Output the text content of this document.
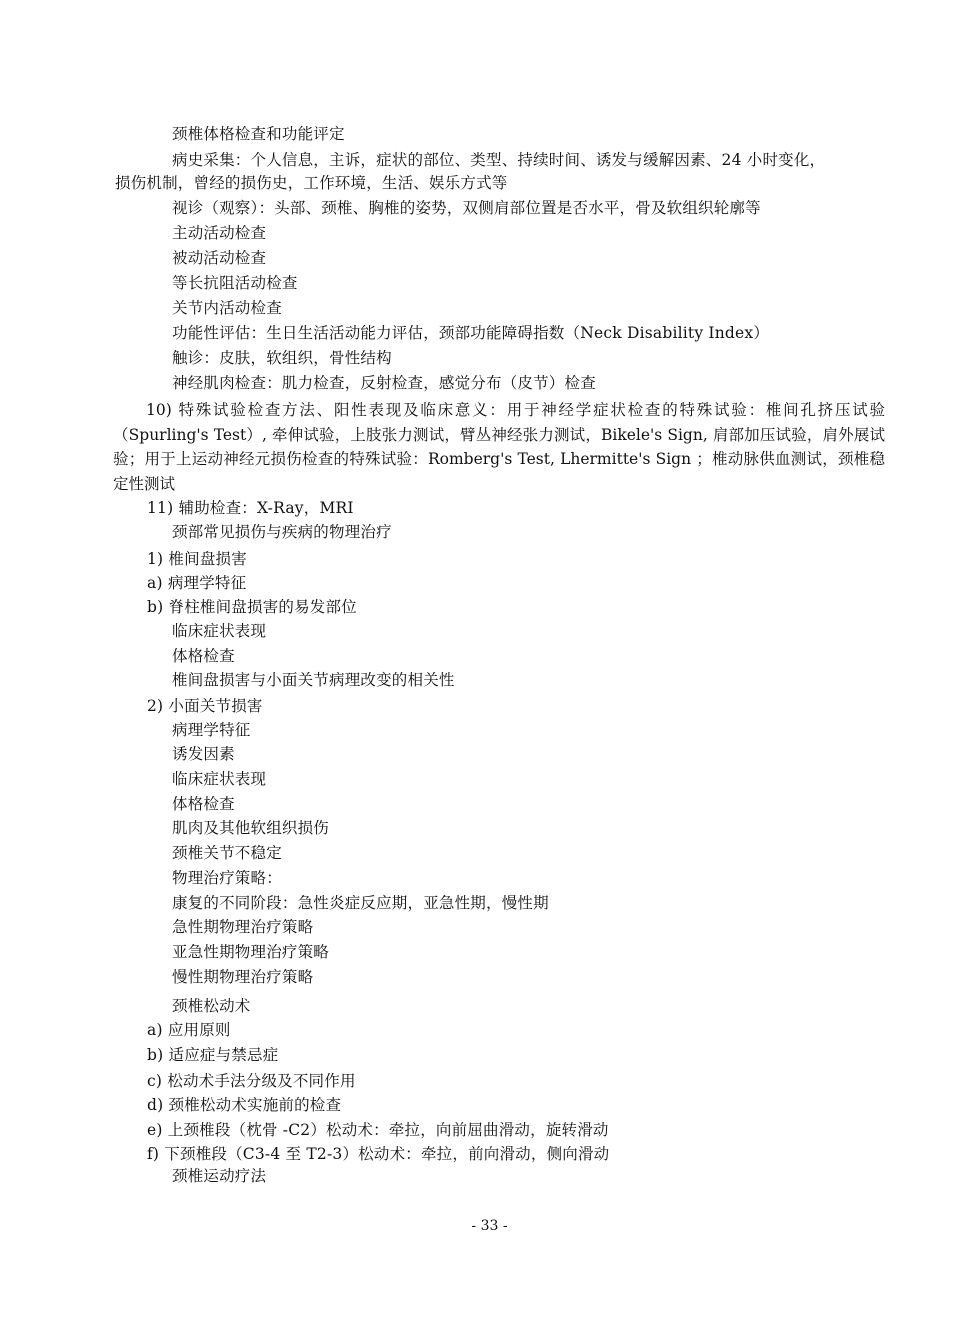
颈椎体格检查和功能评定
病史采集：个人信息，主诉，症状的部位、类型、持续时间、诱发与缓解因素、24 小时变化，
损伤机制，曾经的损伤史，工作环境，生活、娱乐方式等
视诊（观察）：头部、颈椎、胸椎的姿势，双侧肩部位置是否水平，骨及软组织轮廓等
主动活动检查
被动活动检查
等长抗阻活动检查
关节内活动检查
功能性评估：生日生活活动能力评估，颈部功能障碍指数（Neck Disability Index）
触诊：皮肤，软组织，骨性结构
神经肌肉检查：肌力检查，反射检查，感觉分布（皮节）检查
10) 特殊试验检查方法、阳性表现及临床意义：用于神经学症状检查的特殊试验：椎间孔挤压试验（Spurling's Test）, 牵伸试验，上肢张力测试，臂丛神经张力测试，Bikele's Sign, 肩部加压试验，肩外展试验；用于上运动神经元损伤检查的特殊试验：Romberg's Test, Lhermitte's Sign ；椎动脉供血测试，颈椎稳定性测试
11) 辅助检查：X-Ray，MRI
颈部常见损伤与疾病的物理治疗
1) 椎间盘损害
a) 病理学特征
b) 脊柱椎间盘损害的易发部位
临床症状表现
体格检查
椎间盘损害与小面关节病理改变的相关性
2) 小面关节损害
病理学特征
诱发因素
临床症状表现
体格检查
肌肉及其他软组织损伤
颈椎关节不稳定
物理治疗策略：
康复的不同阶段：急性炎症反应期，亚急性期，慢性期
急性期物理治疗策略
亚急性期物理治疗策略
慢性期物理治疗策略
颈椎松动术
a) 应用原则
b) 适应症与禁忌症
c) 松动术手法分级及不同作用
d) 颈椎松动术实施前的检查
e) 上颈椎段（枕骨 -C2）松动术：牵拉，向前屈曲滑动，旋转滑动
f) 下颈椎段（C3-4 至 T2-3）松动术：牵拉，前向滑动，侧向滑动
颈椎运动疗法
- 33 -
